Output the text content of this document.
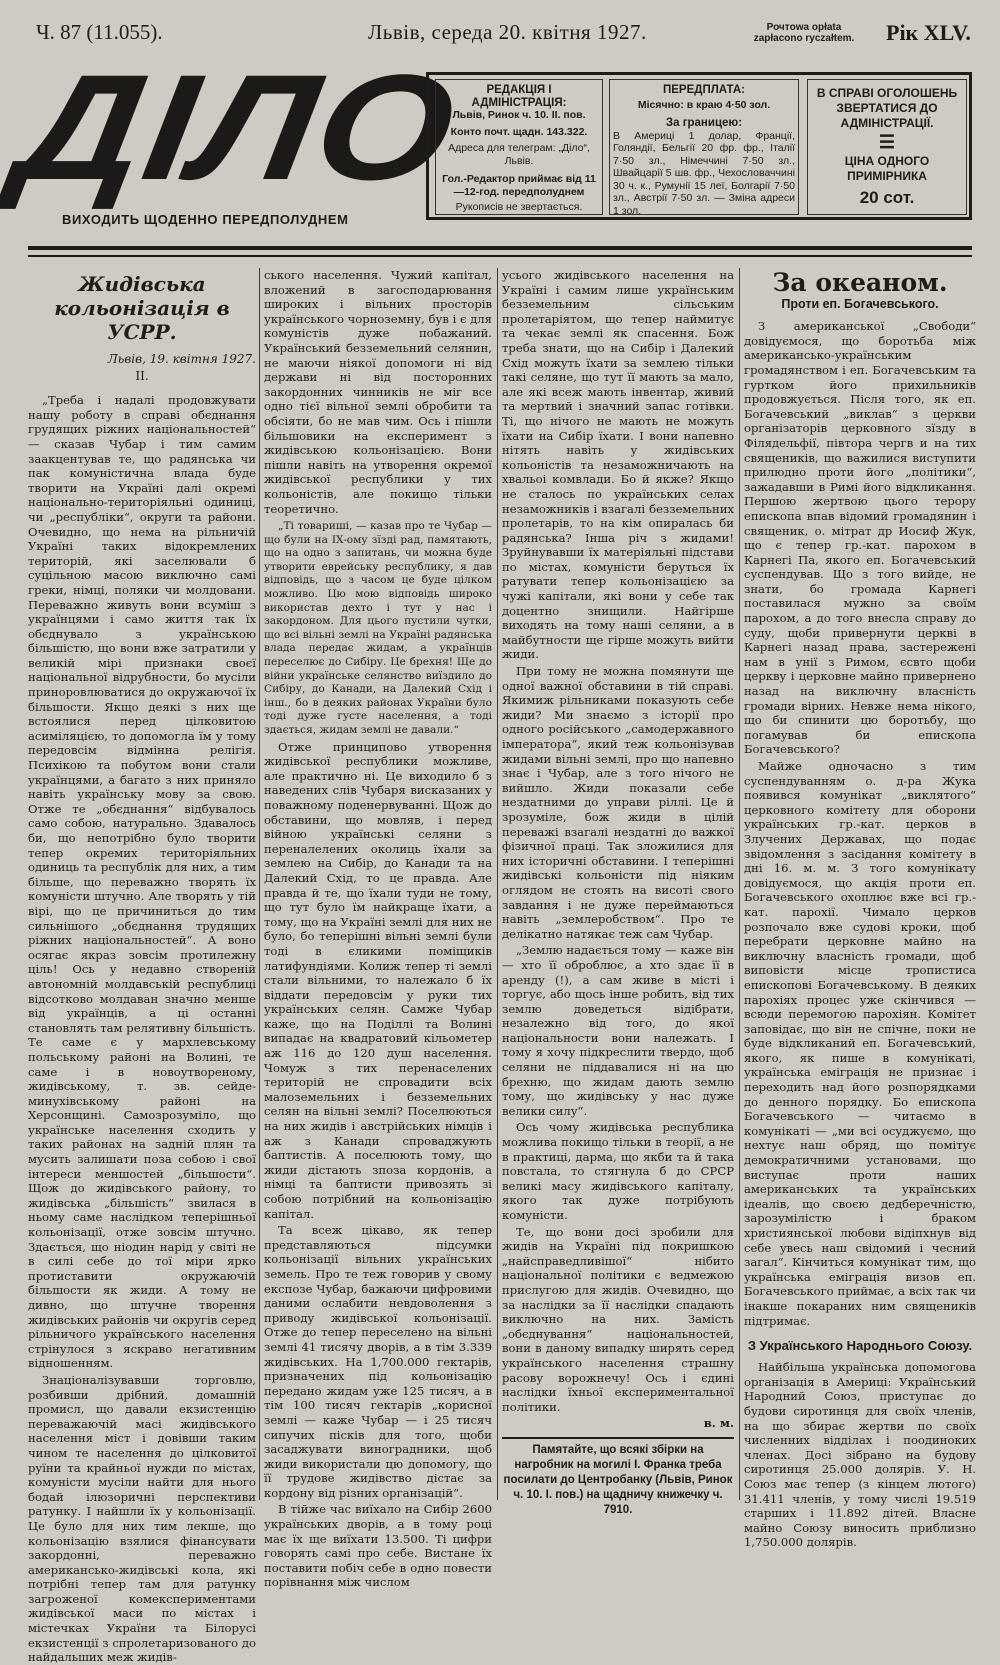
Ч. 87 (11.055).	Львів, середа 20. квітня 1927.	Рочтowa opłata zapłacono ryczałtem.	Рік XLV.
ДІЛО
ВИХОДИТЬ ЩОДЕННО ПЕРЕДПОЛУДНЕМ
РЕДАКЦІЯ І АДМІНІСТРАЦІЯ:
Львів, Ринок ч. 10. II. пов.
Конто почт. щадн. 143.322.
Адреса для телеграм: „Діло“, Львів.
Гол.-Редактор приймає від 11—12-год. передполуднем
Рукописів не звертається.
ПЕРЕДПЛАТА:
Місячно: в краю 4·50 зол.
За границею:
В Америці 1 долар, Франції, Голяндії, Бельгії 20 фр. фр., Італії 7·50 зл., Німеччині 7·50 зл., Швайцарії 5 шв. фр., Чехословаччині 30 ч. к., Румунії 15 леї, Болгарії 7·50 зл., Австрії 7·50 зл. — Зміна адреси 1 зол.
В СПРАВІ ОГОЛОШЕНЬ ЗВЕРТАТИСЯ ДО АДМІНІСТРАЦІЇ.
☰
ЦІНА ОДНОГО ПРИМІРНИКА
20 сот.
Жидівська кольонізація в УСРР.
Львів, 19. квітня 1927.
II.

„Треба і надалі продовжувати нашу роботу в справі обєднання грудящих ріжних національностей“ — сказав Чубар і тим самим заакцентував те, що радянська чи пак комуністична влада буде творити на Україні далі окремі національно-територіяльні одиниці, чи „республіки“, округи та райони. Очевидно, що нема на рільничій Україні таких відокремлених територій, які заселювали б суцільною масою виключно самі греки, німці, поляки чи молдовани. Переважно живуть вони всуміш з українцями і само життя так їх обєднувало з українською більшістю, що вони вже затратили у великій мірі признаки своєї національної відрубности, бо мусіли приноровлюватися до окружаючої їх більшости. Якщо деякі з них ще встоялися перед цілковитою асиміляцією, то допомогла їм у тому передовсім відмінна релігія. Психікою та побутом вони стали українцями, а багато з них приняло навіть українську мову за свою. Отже те „обєднання“ відбувалось само собою, натурально. Здавалось би, що непотрібно було творити тепер окремих територіяльних одиниць та республік для них, а тим більше, що переважно творять їх комуністи штучно. Але творять у тій вірі, що це причиниться до тим сильнішого „обєднання трудящих ріжних національностей“. А воно осягає якраз зовсім протилежну ціль! Ось у недавно створеній автономній молдавській республиці відсотково молдаван значно менше від українців, а ці останні становлять там релятивну більшість. Те саме є у мархлевському польському районі на Волині, те саме і в новоутвореному, жидівському, т. зв. сейде-минухівському районі на Херсонщині. Самозрозуміло, що українське населення сходить у таких районах на задній плян та мусить залишати поза собою і свої інтереси меншостей „більшости“. Щож до жидівського району, то жидівська „більшість“ звилася в ньому саме наслідком теперішньої кольонізації, отже зовсім штучно. Здається, що ніодин нарід у світі не в силі себе до тої міри ярко протиставити окружаючій більшости як жиди. А тому не дивно, що штучне творення жидівських районів чи округів серед рільничого українського населення стрінулося з яскраво негативним відношенням.

Знаціоналізувавши торговлю, розбивши дрібний, домашній промисл, що давали екзистенцію переважаючій масі жидівського населення міст і довівши таким чином те населення до цілковитої руїни та крайньої нужди по містах, комуністи мусіли найти для нього бодай ілюзоричні перспективи ратунку. І найшли їх у кольонізації. Це було для них тим лекше, що кольонізацію взялися фінансувати закордонні, переважно американсько-жидівські кола, які потрібні тепер там для ратунку загроженої комекспериментами жидівської маси по містах і містечках України та Білорусі екзистенції з спролетаризованого до найдальших меж жидів-

ського населення. Чужий капітал, вложений в загосподарювання широких і вільних просторів українського чорноземну, був і є для комуністів дуже побажаний. Український безземельний селянин, не маючи ніякої допомоги ні від держави ні від посторонних закордонних чинників не міг все одно тієї вільної землі обробити та обсіяти, бо не мав чим. Ось і пішли більшовики на експеримент з жидівською кольонізацією. Вони пішли навіть на утворення окремої жидівської республики у тих кольоністів, але покищо тільки теоретично.

„Ті товариші, — казав про те Чубар — що були на IX-ому зїзді рад, памятають, що на одно з запитань, чи можна буде утворити еврейську республику, я дав відповідь, що з часом це буде цілком можливо. Цю мою відповідь широко використав дехто і тут у нас і закордоном. Для цього пустили чутки, що всі вільні землі на Україні радянська влада передає жидам, а українців переселює до Сибіру. Це брехня! Ще до війни українське селянство виїздило до Сибіру, до Канади, на Далекий Схід і інш., бо в деяких районах України було тоді дуже густе населення, а тоді здається, жидам землі не давали.“

Отже принципово утворення жидівської республики можливе, але практично ні. Це виходило б з наведених слів Чубаря висказаних у поважному поденервуванні. Щож до обставини, що мовляв, і перед війною українські селяни з переналелених околиць їхали за землею на Сибір, до Канади та на Далекий Схід, то це правда. Але правда й те, що їхали туди не тому, що тут було їм найкраще їхати, а тому, що на Україні землі для них не було, бо теперішні вільні землі були тоді в єликими поміщиків латифундіями. Колиж тепер ті землі стали вільними, то належало б їх віддати передовсім у руки тих українських селян. Самже Чубар каже, що на Поділлі та Волині випадає на квадратовий кільометер аж 116 до 120 душ населення. Чомуж з тих перенаселених територій не спровадити всіх малоземельних і безземельних селян на вільні землі? Поселюються на них жидів і австрійських німців і аж з Канади спроваджують баптистів. А поселюють тому, що жиди дістають зпоза кордонів, а німці та баптисти привозять зі собою потрібний на кольонізацію капітал.

Та всеж цікаво, як тепер представляються підсумки кольонізації вільних українських земель. Про те теж говорив у свому експозе Чубар, бажаючи цифровими даними ослабити невдоволення з приводу жидівської кольонізації. Отже до тепер переселено на вільні землі 41 тисячу дворів, а в тім 3.339 жидівських. На 1,700.000 гектарів, призначених під кольонізацію передано жидам уже 125 тисяч, а в тім 100 тисяч гектарів „корисної землі — каже Чубар — і 25 тисяч сипучих пісків для того, щоби засаджувати виноградники, щоб жиди використали цю допомогу, що її трудове жидівство дістає за кордону від різних організацій“.

В тійже час виїхало на Сибір 2600 українських дворів, а в тому році має їх ще виїхати 13.500. Ті цифри говорять самі про себе. Вистане їх поставити побіч себе в одно повести порівнання між числом

усього жидівського населення на Україні і самим лише українським безземельним сільським пролетаріятом, що тепер наймитує та чекає землі як спасення. Бож треба знати, що на Сибір і Далекий Схід можуть їхати за землею тільки такі селяне, що тут її мають за мало, але які всеж мають інвентар, живий та мертвий і значний запас готівки. Ті, що нічого не мають не можуть їхати на Сибір їхати. І вони напевно нітять навіть у жидівських кольоністів та незаможничають на хвальоі комвлади. Бо й якже? Якщо не сталось по українських селах незаможників і взагалі безземельних пролетарів, то на кім опиралась би радянська? Іншa річ з жидами! Зруйнувавши їх матеріяльні підстави по містах, комуністи беруться їх ратувати тепер кольонізацією за чужі капітали, які вони у себе так доцентно знищили. Найгірше виходять на тому наші селяни, а в майбутности ще гірше можуть вийти жиди.

При тому не можна помянути ще одної важної обставини в тій справі. Якимиж рільниками показують себе жиди? Ми знаємо з історії про одного російського „самодержавного імператора“, який теж кольонізував жидами вільні землі, про що напевно знає і Чубар, але з того нічого не вийшло. Жиди показали себе нездатними до управи ріллі. Це й зрозуміле, бож жиди в цілій переважі взагалі нездатні до важкої фізичної праці. Так зложилися для них історичні обставини. І теперішні жидівські кольоністи під ніяким оглядом не стоять на висоті свого завдання і не дуже переймаються навіть „землеробством“. Про те делікатно натякає теж сам Чубар.

„Землю надається тому — каже він — хто її оброблює, а хто здає її в аренду (!), а сам живе в місті і торгує, або щось інше робить, від тих землю доведеться відібрати, незалежно від того, до якої національности вони належать. І тому я хочу підкреслити твердо, щоб селяни не піддавалися ні на цю брехню, що жидам дають землю тому, що жидівську у нас дуже велики силу“.

Ось чому жидівська республика можлива покищо тільки в теорії, а не в практиці, дарма, що якби та й така повстала, то стягнула б до СРСР великі масу жидівського капіталу, якого так дуже потрібують комуністи.

Те, що вони досі зробили для жидів на Україні під покришкою „найсправедливішої“ нібито національної політики є ведмежою прислугою для жидів. Очевидно, що за наслідки за її наслідки спадають виключно на них. Замість „обєднування“ національностей, вони в даному випадку ширять серед українського населення страшну расову ворожнечу! Ось і єдині наслідки їхньої експериментальної політики.

в. м.
Памятайте, що всякі збірки на нагробник на могилі І. Франка треба посилати до Центробанку (Львів, Ринок ч. 10. І. пов.) на щадничу книжечку ч. 7910.
За океаном.
Проти еп. Богачевського.

З американської „Свободи“ довідуємося, що боротьба між американсько-українським громадянством і еп. Богачевським та гуртком його прихильників продовжується. Після того, як еп. Богачевський „виклав“ з церкви організаторів церковного зїзду в Філядельфії, півтора чергв и на тих священиків, що важилися виступити прилюдно проти його „політики“, зажадавши в Римі його відкликання. Першою жертвою цього терору епископа впав відомий громадянин і священик, о. мітрат др Иосиф Жук, що є тепер гр.-кат. парохом в Карнегі Па, якого еп. Богачевський суспендував. Що з того вийде, не знати, бо громада Карнегі поставилася мужно за своїм парохом, а до того внесла справу до суду, щоби привернути церкві в Карнегі назад права, застережені нам в унії з Римом, єсвто щоби церкву і церковне майно привернено назад на виключну власність громади вірних. Невже нема нікого, що би спинити цю боротьбу, що погамував би епископа Богачевського?

Майже одночасно з тим суспендуванням о. д-ра Жука появився комунікат „виклятого“ церковного комітету для оборони українських гр.-кат. церков в Злучених Державах, що подає звідомлення з засідання комітету в дні 16. м. м. З того комунікату довідуємося, що акція проти еп. Богачевського охоплює вже всі гр.-кат. парохії. Чимало церков розпочало вже судові кроки, щоб перебрати церковне майно на виключну власність громади, щоб виповісти місце тропистисa епископові Богачевському. В деяких парохіях процес уже скінчився — всюди перемогою парохіян. Комітет заповідає, що він не спічне, поки не буде відкликаний еп. Богачевський, якого, як пише в комунікаті, українська еміграція не признає і переходить над його розпорядками до денного порядку. Бо епископа Богачевського — читаємо в комунікаті — „ми всі осуджуємо, що нехтує наш обряд, що помітує демократичними установами, що виступає проти наших американських та українських ідеалів, що своєю дедберечністю, зарозумілістю і браком християнської любови відіпхнув від себе увесь наш свідомий і чесний загал“. Кінчиться комунікат тим, що українська еміграція визов еп. Богачевського приймає, а всіх так чи інакше покараних ним священиків підтримає.

З Українського Народнього Союзу.

Найбільша українська допомогова організація в Америці: Український Народний Союз, приступає до будови сиротинця для своїх членів, на що збирає жертви по своїх численних відділах і поодиноких членах. Досі зібрано на будову сиротинця 25.000 долярів. У. Н. Союз має тепер (з кінцем лютого) 31.411 членів, у тому числі 19.519 старших і 11.892 дітей. Власне майно Союзу виносить приблизно 1,750.000 долярів.
